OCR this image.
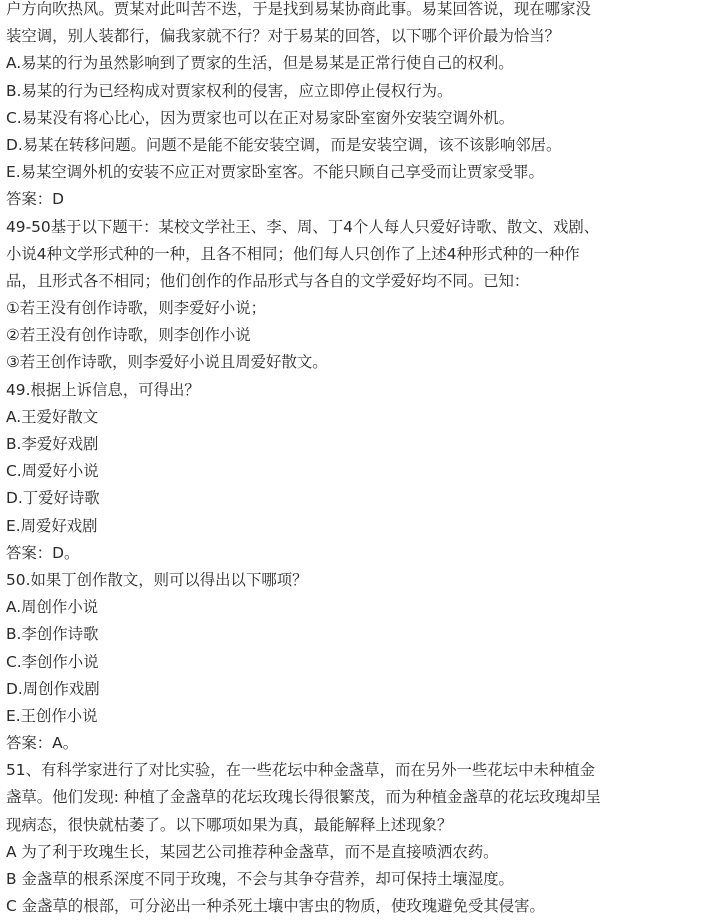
户方向吹热风。贾某对此叫苦不迭，于是找到易某协商此事。易某回答说，现在哪家没
装空调，别人装都行，偏我家就不行？对于易某的回答，以下哪个评价最为恰当？
A.易某的行为虽然影响到了贾家的生活，但是易某是正常行使自己的权利。
B.易某的行为已经构成对贾家权利的侵害，应立即停止侵权行为。
C.易某没有将心比心，因为贾家也可以在正对易家卧室窗外安装空调外机。
D.易某在转移问题。问题不是能不能安装空调，而是安装空调，该不该影响邻居。
E.易某空调外机的安装不应正对贾家卧室客。不能只顾自己享受而让贾家受罪。
答案：D
49-50基于以下题干：某校文学社王、李、周、丁4个人每人只爱好诗歌、散文、戏剧、
小说4种文学形式种的一种，且各不相同；他们每人只创作了上述4种形式种的一种作
品，且形式各不相同；他们创作的作品形式与各自的文学爱好均不同。已知：
①若王没有创作诗歌，则李爱好小说；
②若王没有创作诗歌，则李创作小说
③若王创作诗歌，则李爱好小说且周爱好散文。
49.根据上诉信息，可得出？
A.王爱好散文
B.李爱好戏剧
C.周爱好小说
D.丁爱好诗歌
E.周爱好戏剧
答案：D。
50.如果丁创作散文，则可以得出以下哪项？
A.周创作小说
B.李创作诗歌
C.李创作小说
D.周创作戏剧
E.王创作小说
答案：A。
51、有科学家进行了对比实验，在一些花坛中种金盏草，而在另外一些花坛中未种植金
盏草。他们发现: 种植了金盏草的花坛玫瑰长得很繁茂，而为种植金盏草的花坛玫瑰却呈
现病态，很快就枯萎了。以下哪项如果为真，最能解释上述现象？
A 为了利于玫瑰生长，某园艺公司推荐种金盏草，而不是直接喷洒农药。
B 金盏草的根系深度不同于玫瑰，不会与其争夺营养，却可保持土壤湿度。
C 金盏草的根部，可分泌出一种杀死土壤中害虫的物质，使玫瑰避免受其侵害。
